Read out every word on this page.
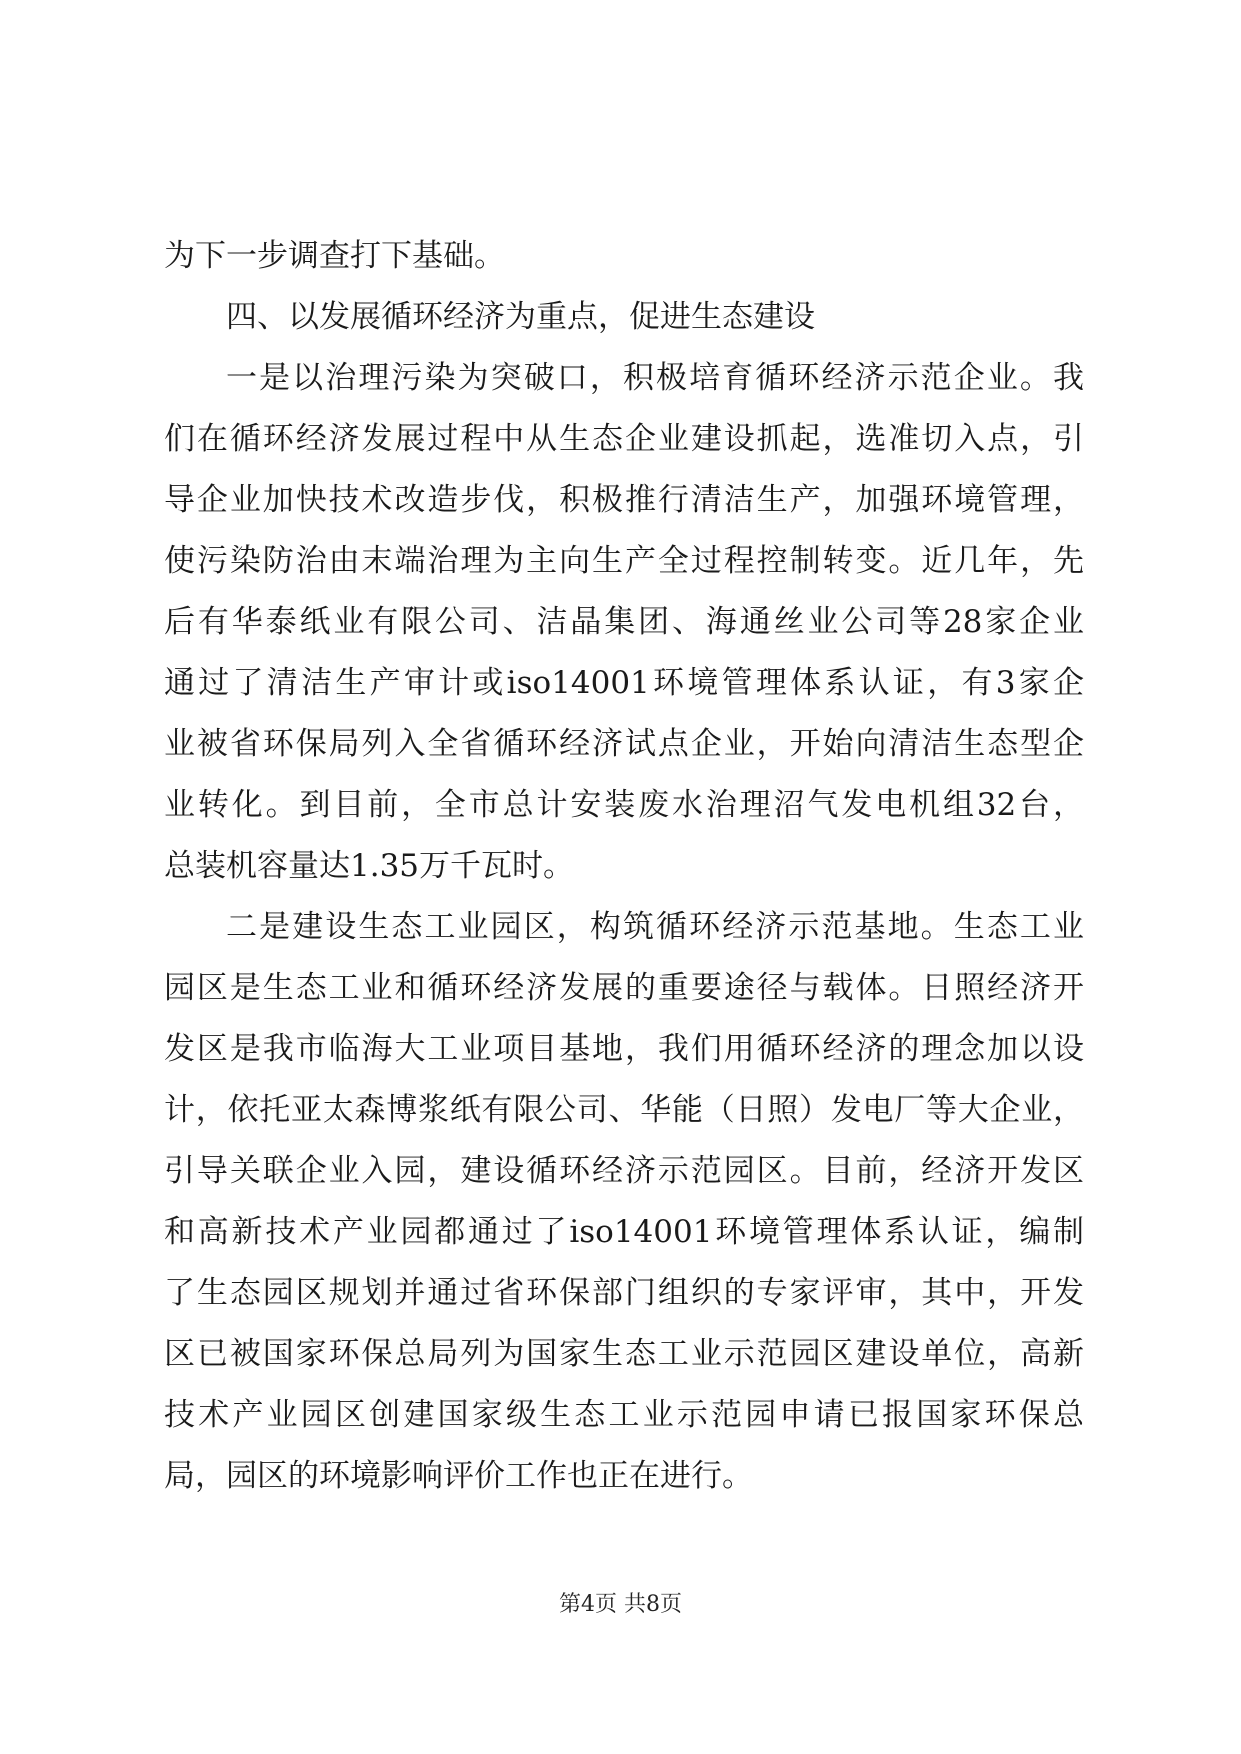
为下一步调查打下基础。
四、以发展循环经济为重点，促进生态建设
一是以治理污染为突破口，积极培育循环经济示范企业。我
们在循环经济发展过程中从生态企业建设抓起，选准切入点，引
导企业加快技术改造步伐，积极推行清洁生产，加强环境管理，
使污染防治由末端治理为主向生产全过程控制转变。近几年，先
后有华泰纸业有限公司、洁晶集团、海通丝业公司等28家企业
通过了清洁生产审计或iso14001环境管理体系认证，有3家企
业被省环保局列入全省循环经济试点企业，开始向清洁生态型企
业转化。到目前，全市总计安装废水治理沼气发电机组32台，
总装机容量达1.35万千瓦时。
二是建设生态工业园区，构筑循环经济示范基地。生态工业
园区是生态工业和循环经济发展的重要途径与载体。日照经济开
发区是我市临海大工业项目基地，我们用循环经济的理念加以设
计，依托亚太森博浆纸有限公司、华能（日照）发电厂等大企业，
引导关联企业入园，建设循环经济示范园区。目前，经济开发区
和高新技术产业园都通过了iso14001环境管理体系认证，编制
了生态园区规划并通过省环保部门组织的专家评审，其中，开发
区已被国家环保总局列为国家生态工业示范园区建设单位，高新
技术产业园区创建国家级生态工业示范园申请已报国家环保总
局，园区的环境影响评价工作也正在进行。
第4页 共8页
